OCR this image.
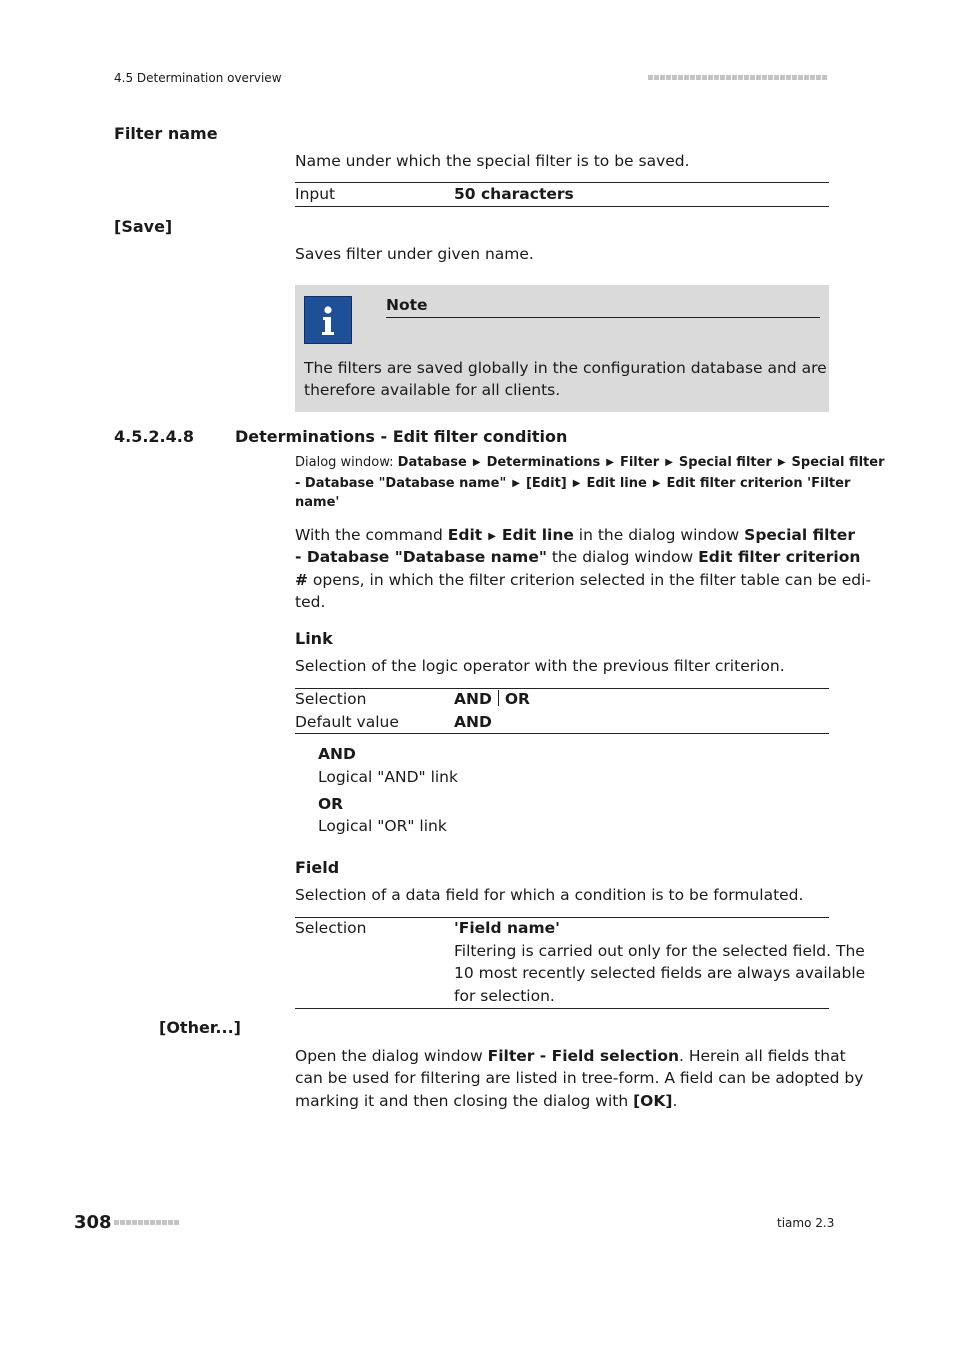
4.5 Determination overview
Filter name
Name under which the special filter is to be saved.
Input	50 characters
[Save]
Saves filter under given name.
Note
The filters are saved globally in the configuration database and are
therefore available for all clients.
4.5.2.4.8	Determinations - Edit filter condition
Dialog window: Database ▶ Determinations ▶ Filter ▶ Special filter ▶ Special filter
- Database "Database name" ▶ [Edit] ▶ Edit line ▶ Edit filter criterion 'Filter
name'
With the command Edit ▶ Edit line in the dialog window Special filter
- Database "Database name" the dialog window Edit filter criterion
# opens, in which the filter criterion selected in the filter table can be edi-
ted.
Link
Selection of the logic operator with the previous filter criterion.
Selection	AND OR
Default value	AND
AND
Logical "AND" link
OR
Logical "OR" link
Field
Selection of a data field for which a condition is to be formulated.
Selection	'Field name'
Filtering is carried out only for the selected field. The
10 most recently selected fields are always available
for selection.
[Other...]
Open the dialog window Filter - Field selection. Herein all fields that
can be used for filtering are listed in tree-form. A field can be adopted by
marking it and then closing the dialog with [OK].
308	tiamo 2.3
